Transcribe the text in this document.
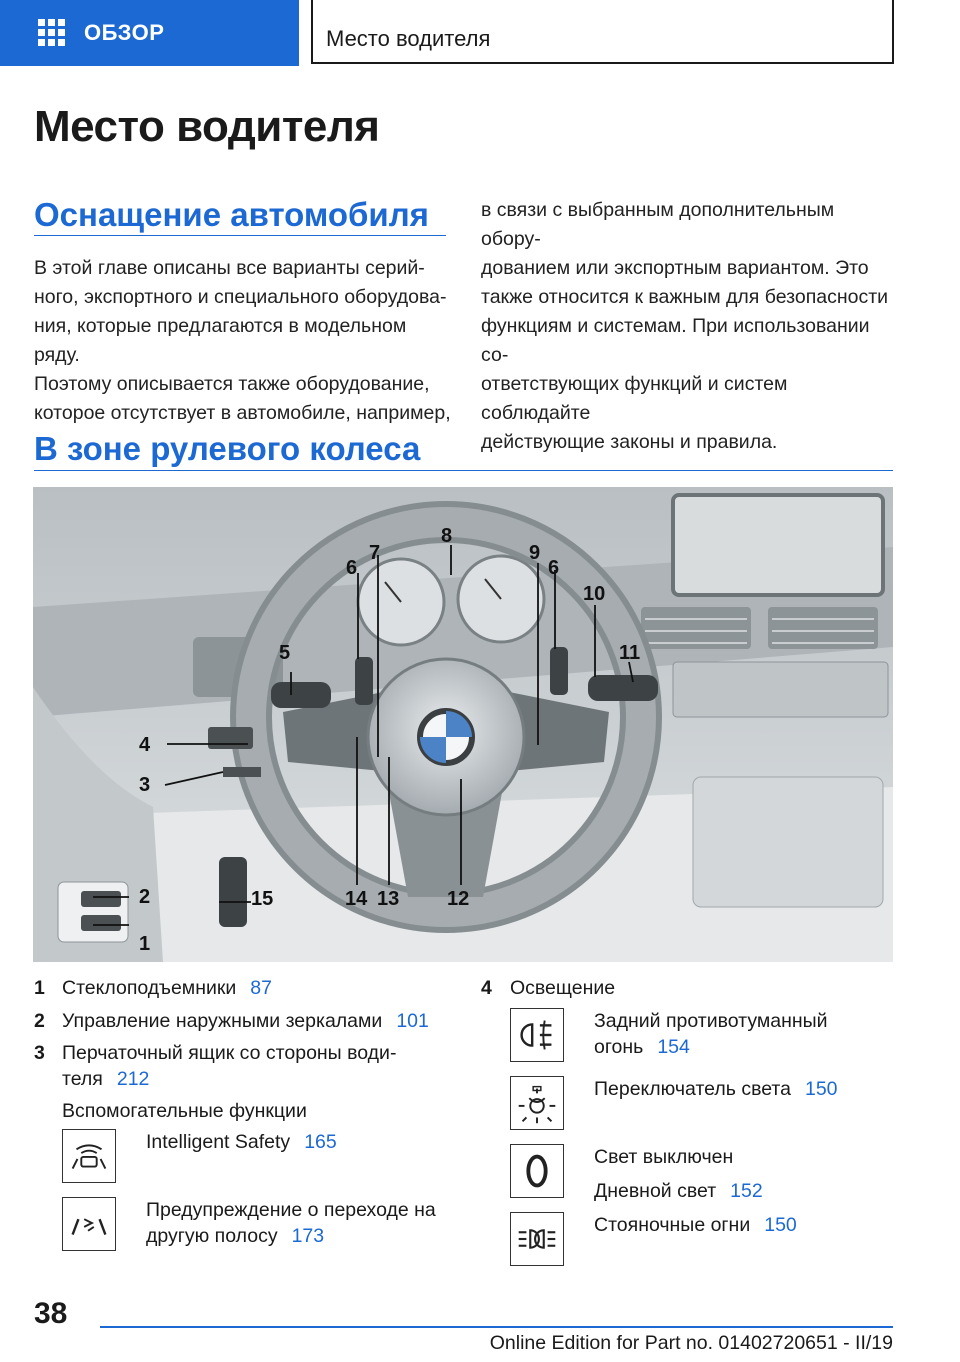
ОБЗОР	Место водителя
Место водителя
Оснащение автомобиля
В этой главе описаны все варианты серий-
ного, экспортного и специального оборудова-
ния, которые предлагаются в модельном ряду.
Поэтому описывается также оборудование,
которое отсутствует в автомобиле, например,
в связи с выбранным дополнительным обору-
дованием или экспортным вариантом. Это
также относится к важным для безопасности
функциям и системам. При использовании со-
ответствующих функций и систем соблюдайте
действующие законы и правила.
В зоне рулевого колеса
1
2
3
4
5
6
7
8
9
6
10
11
12
13
14
15
1 Стеклоподъемники 87
2 Управление наружными зеркалами 101
3 Перчаточный ящик со стороны води-
теля 212
Вспомогательные функции
Intelligent Safety 165
Предупреждение о переходе на
другую полосу 173
4 Освещение
Задний противотуманный
огонь 154
Переключатель света 150
Свет выключен
Дневной свет 152
Стояночные огни 150
38
Online Edition for Part no. 01402720651 - II/19
